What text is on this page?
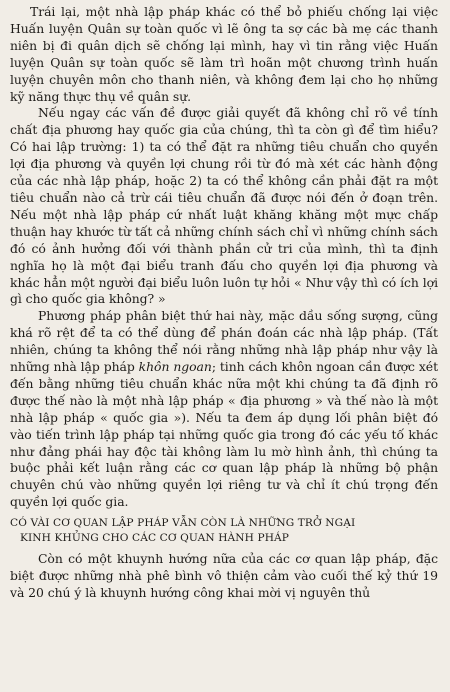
Trái lại, một nhà lập pháp khác có thể bỏ phiếu chống lại việc Huấn luyện Quân sự toàn quốc vì lẽ ông ta sợ các bà mẹ các thanh niên bị đi quân dịch sẽ chống lại mình, hay vì tin rằng việc Huấn luyện Quân sự toàn quốc sẽ làm trì hoãn một chương trình huấn luyện chuyên môn cho thanh niên, và không đem lại cho họ những kỹ năng thực thụ về quân sự.

Nếu ngay các vấn đề được giải quyết đã không chỉ rõ về tính chất địa phương hay quốc gia của chúng, thì ta còn gì để tìm hiểu? Có hai lập trường: 1) ta có thể đặt ra những tiêu chuẩn cho quyền lợi địa phương và quyền lợi chung rồi từ đó mà xét các hành động của các nhà lập pháp, hoặc 2) ta có thể không cần phải đặt ra một tiêu chuẩn nào cả trừ cái tiêu chuẩn đã được nói đến ở đoạn trên. Nếu một nhà lập pháp cứ nhất luật khăng khăng một mực chấp thuận hay khước từ tất cả những chính sách chỉ vì những chính sách đó có ảnh hưởng đối với thành phần cử tri của mình, thì ta định nghĩa họ là một đại biểu tranh đấu cho quyền lợi địa phương và khác hẳn một người đại biểu luôn luôn tự hỏi « Như vậy thì có ích lợi gì cho quốc gia không? »

Phương pháp phân biệt thứ hai này, mặc dầu sống sượng, cũng khá rõ rệt để ta có thể dùng để phán đoán các nhà lập pháp. (Tất nhiên, chúng ta không thể nói rằng những nhà lập pháp như vậy là những nhà lập pháp khôn ngoan; tinh cách khôn ngoan cần được xét đến bằng những tiêu chuẩn khác nữa một khi chúng ta đã định rõ được thế nào là một nhà lập pháp « địa phương » và thế nào là một nhà lập pháp « quốc gia »). Nếu ta đem áp dụng lối phân biệt đó vào tiến trình lập pháp tại những quốc gia trong đó các yếu tố khác như đảng phái hay độc tài không làm lu mờ hình ảnh, thì chúng ta buộc phải kết luận rằng các cơ quan lập pháp là những bộ phận chuyên chú vào những quyền lợi riêng tư và chỉ ít chú trọng đến quyền lợi quốc gia.

CÓ VÀI CƠ QUAN LẬP PHÁP VẪN CÒN LÀ NHỮNG TRỞ NGẠI
KINH KHỦNG CHO CÁC CƠ QUAN HÀNH PHÁP

Còn có một khuynh hướng nữa của các cơ quan lập pháp, đặc biệt được những nhà phê bình vô thiện cảm vào cuối thế kỷ thứ 19 và 20 chú ý là khuynh hướng công khai mời vị nguyên thủ
